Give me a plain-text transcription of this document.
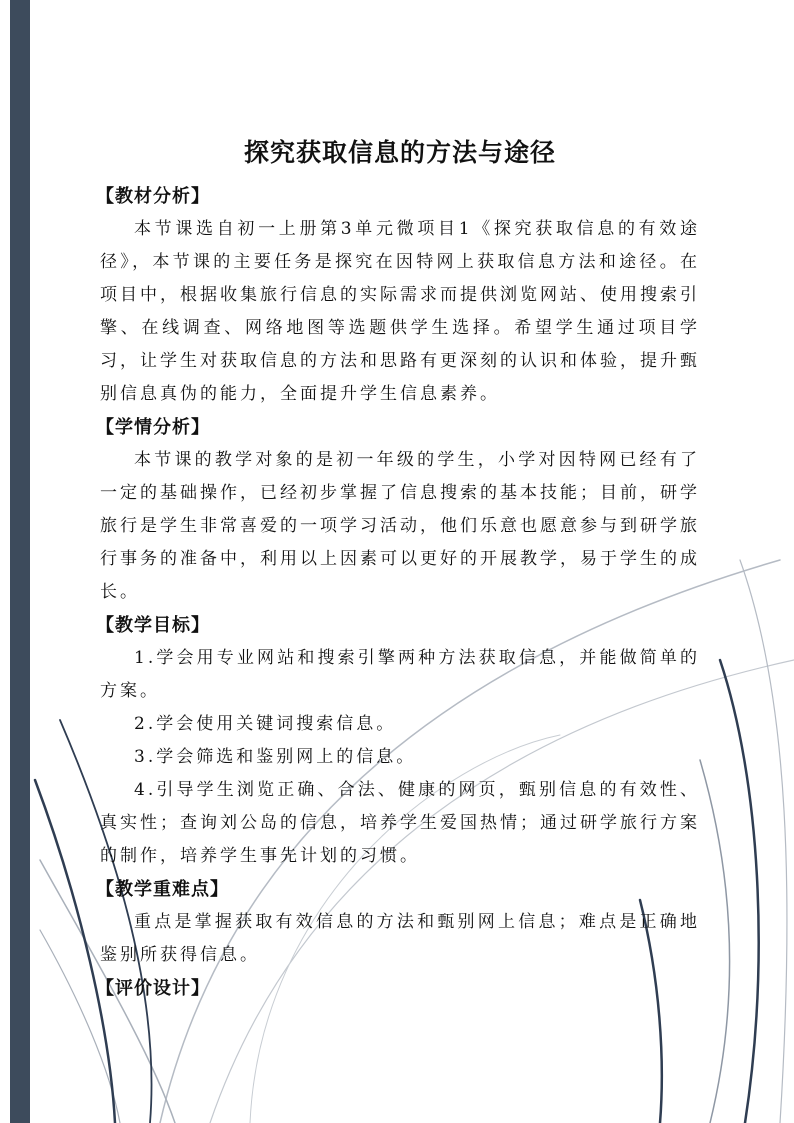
探究获取信息的方法与途径

【教材分析】

本节课选自初一上册第3单元微项目1《探究获取信息的有效途径》，本节课的主要任务是探究在因特网上获取信息方法和途径。在项目中，根据收集旅行信息的实际需求而提供浏览网站、使用搜索引擎、在线调查、网络地图等选题供学生选择。希望学生通过项目学习，让学生对获取信息的方法和思路有更深刻的认识和体验，提升甄别信息真伪的能力，全面提升学生信息素养。

【学情分析】

本节课的教学对象的是初一年级的学生，小学对因特网已经有了一定的基础操作，已经初步掌握了信息搜索的基本技能；目前，研学旅行是学生非常喜爱的一项学习活动，他们乐意也愿意参与到研学旅行事务的准备中，利用以上因素可以更好的开展教学，易于学生的成长。

【教学目标】

1.学会用专业网站和搜索引擎两种方法获取信息，并能做简单的方案。

2.学会使用关键词搜索信息。

3.学会筛选和鉴别网上的信息。

4.引导学生浏览正确、合法、健康的网页，甄别信息的有效性、真实性；查询刘公岛的信息，培养学生爱国热情；通过研学旅行方案的制作，培养学生事先计划的习惯。

【教学重难点】

重点是掌握获取有效信息的方法和甄别网上信息；难点是正确地鉴别所获得信息。

【评价设计】
